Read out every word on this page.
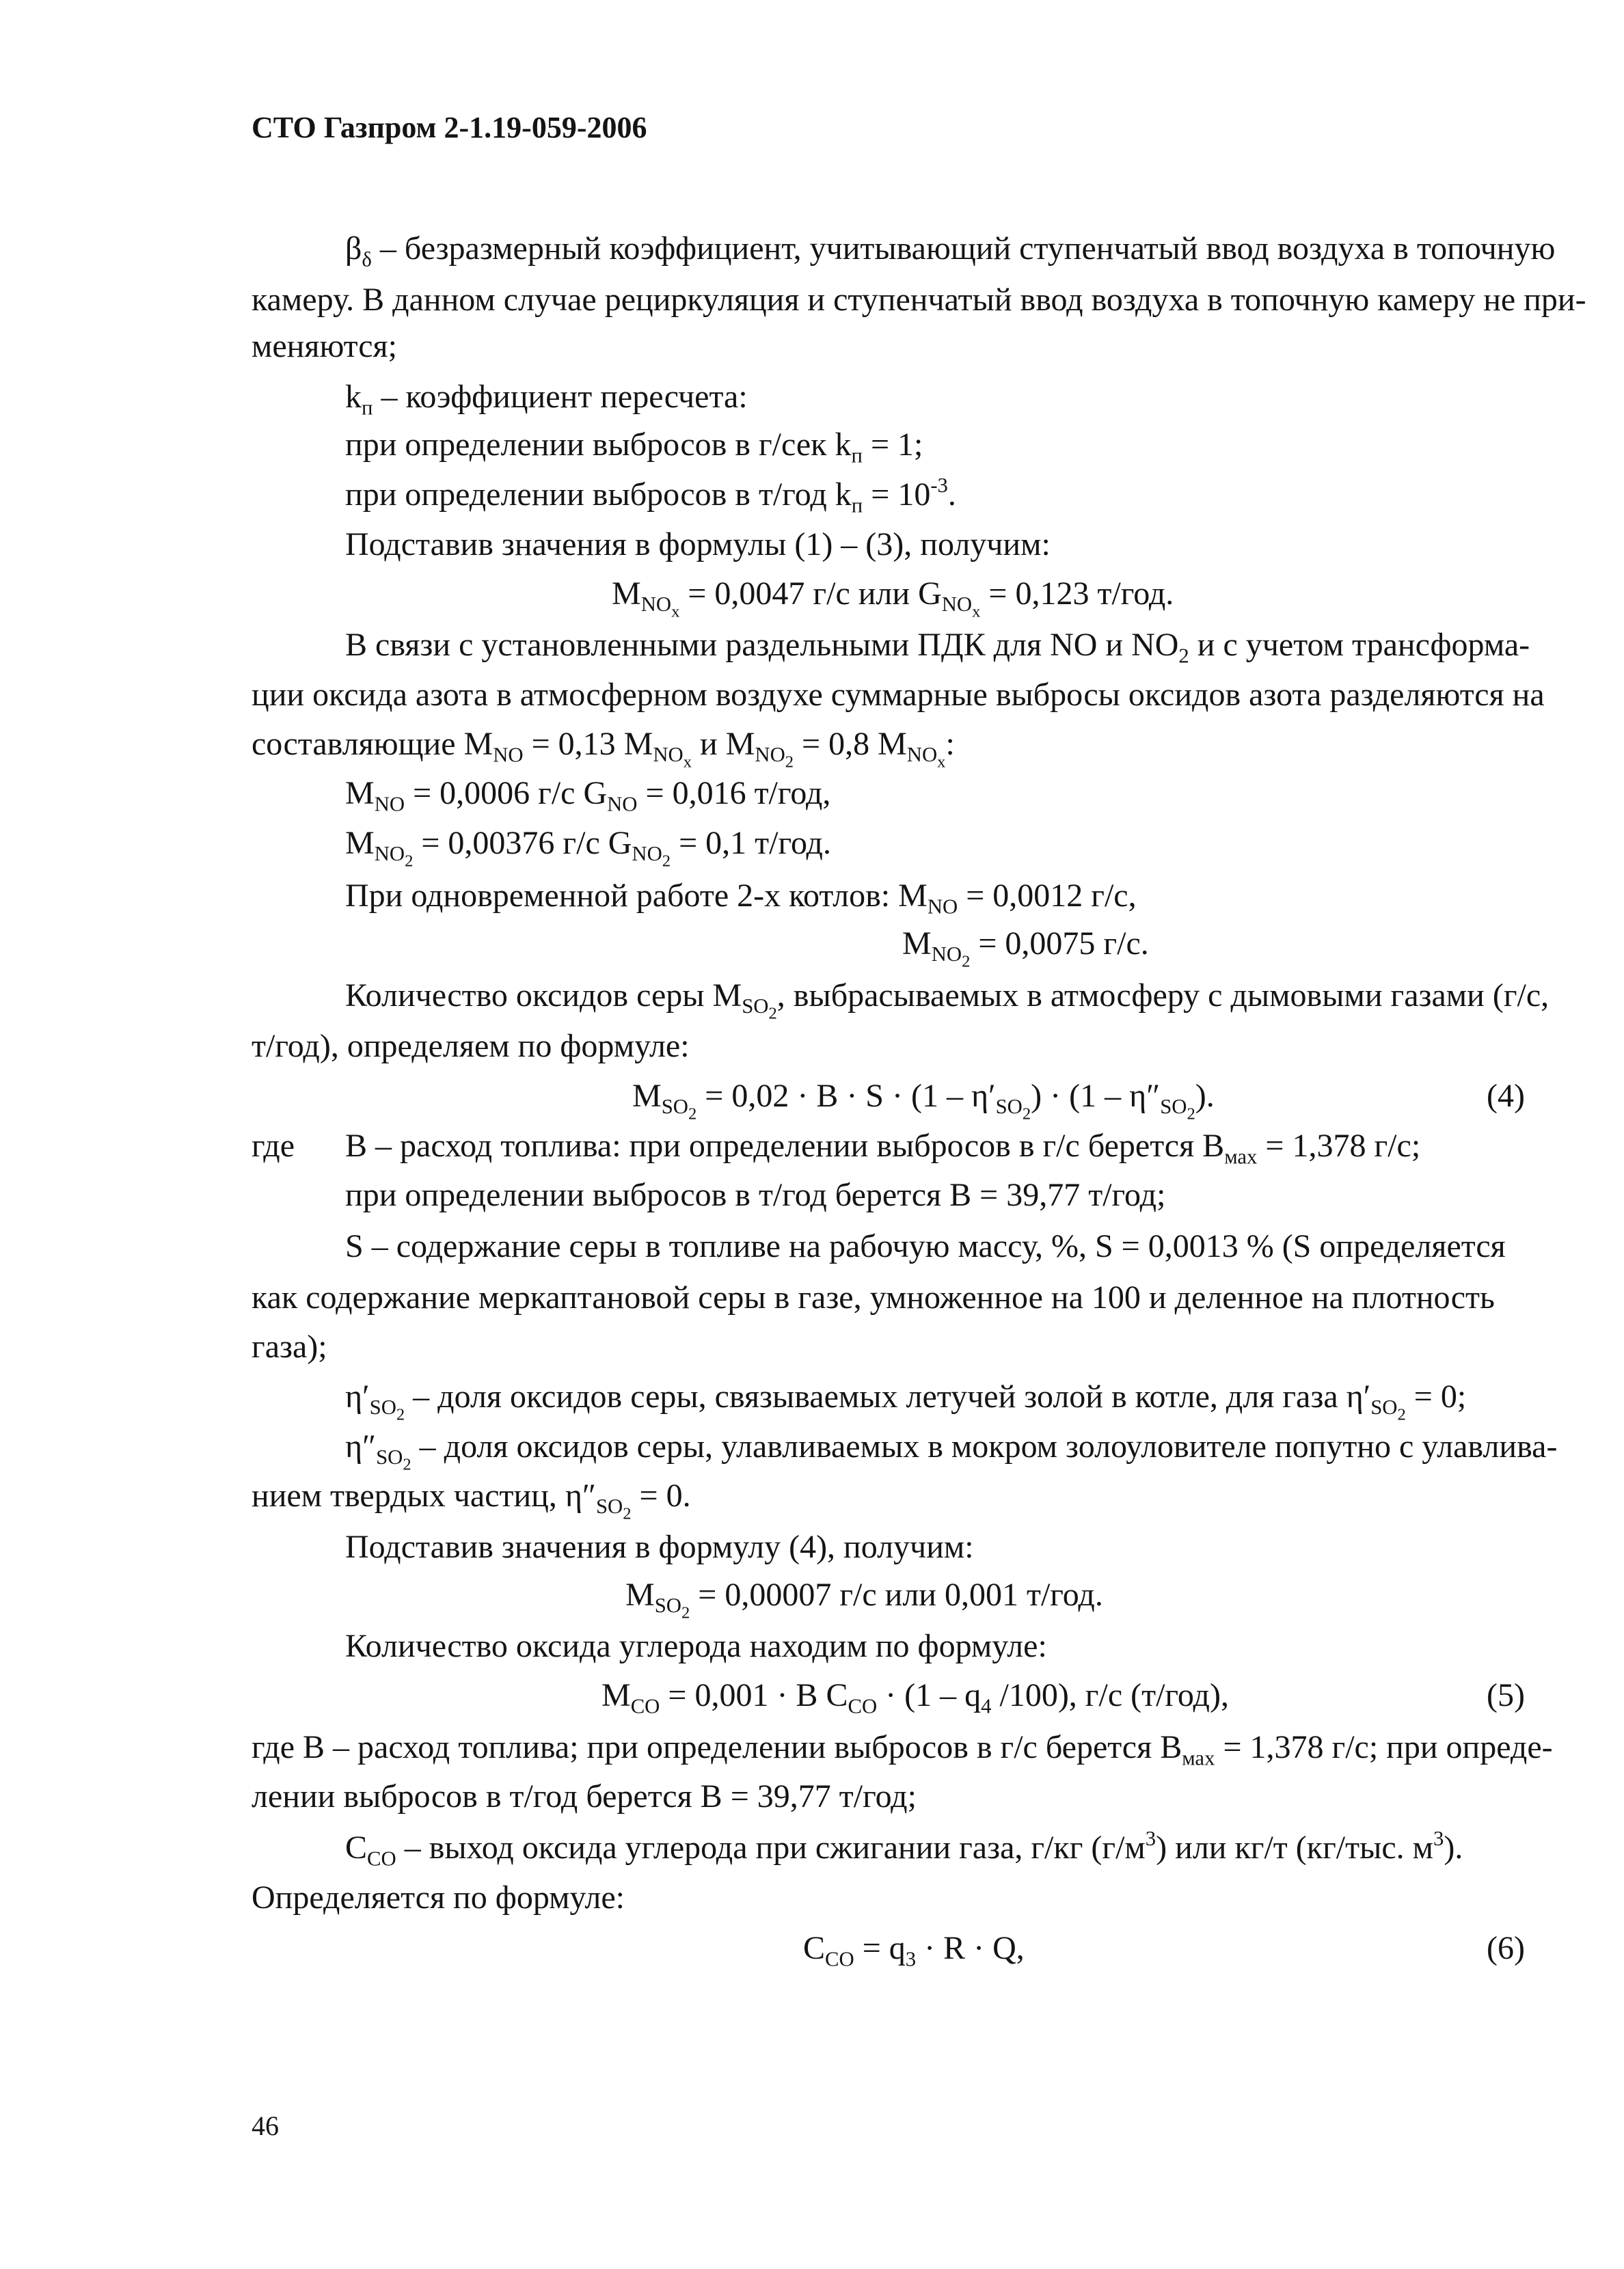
СТО Газпром 2-1.19-059-2006
$\beta_\delta$ – безразмерный коэффициент, учитывающий ступенчатый ввод воздуха в топочную
камеру. В данном случае рециркуляция и ступенчатый ввод воздуха в топочную камеру не при-
меняются;
$k_п$ – коэффициент пересчета:
при определении выбросов в г/сек $k_п = 1$;
при определении выбросов в т/год $k_п = 10^{-3}$.
Подставив значения в формулы (1) – (3), получим:
$M_{NO_x} = 0,0047$ г/с или $G_{NO_x} = 0,123$ т/год.
В связи с установленными раздельными ПДК для NO и $NO_2$ и с учетом трансформа-
ции оксида азота в атмосферном воздухе суммарные выбросы оксидов азота разделяются на
составляющие $M_{NO} = 0,13$ $M_{NO_x}$ и $M_{NO_2} = 0,8$ $M_{NO_x}$:
$M_{NO} = 0,0006$ г/с $G_{NO} = 0,016$ т/год,
$M_{NO_2} = 0,00376$ г/с $G_{NO_2} = 0,1$ т/год.
При одновременной работе 2-х котлов: $M_{NO} = 0,0012$ г/с,
$M_{NO_2} = 0,0075$ г/с.
Количество оксидов серы $M_{SO_2}$, выбрасываемых в атмосферу с дымовыми газами (г/с,
т/год), определяем по формуле:
$M_{SO_2} = 0,02 \cdot B \cdot S \cdot (1 - \eta'_{SO_2}) \cdot (1 - \eta''_{SO_2})$.	(4)
где B – расход топлива: при определении выбросов в г/с берется $B_{мах} = 1,378$ г/с;
при определении выбросов в т/год берется B = 39,77 т/год;
S – содержание серы в топливе на рабочую массу, %, S = 0,0013 % (S определяется
как содержание меркаптановой серы в газе, умноженное на 100 и деленное на плотность
газа);
$\eta'_{SO_2}$ – доля оксидов серы, связываемых летучей золой в котле, для газа $\eta'_{SO_2} = 0$;
$\eta''_{SO_2}$ – доля оксидов серы, улавливаемых в мокром золоуловителе попутно с улавлива-
нием твердых частиц, $\eta''_{SO_2} = 0$.
Подставив значения в формулу (4), получим:
$M_{SO_2} = 0,00007$ г/с или 0,001 т/год.
Количество оксида углерода находим по формуле:
$M_{CO} = 0,001 \cdot B$ $C_{CO} \cdot (1 - q_4$ /100), г/с (т/год),	(5)
где B – расход топлива; при определении выбросов в г/с берется $B_{мах} = 1,378$ г/с; при опреде-
лении выбросов в т/год берется B = 39,77 т/год;
$C_{CO}$ – выход оксида углерода при сжигании газа, г/кг $(г/м^3)$ или кг/т (кг/тыс. $м^3$).
Определяется по формуле:
$C_{CO} = q_3 \cdot R \cdot Q$,	(6)
46
